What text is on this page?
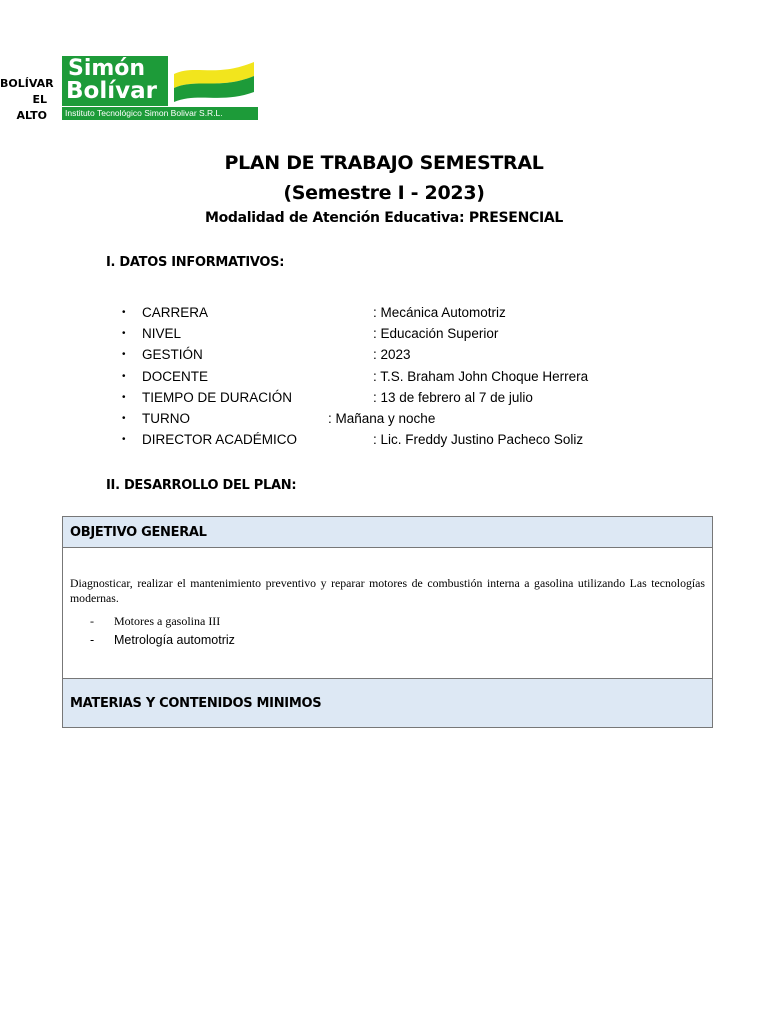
BOLÍVAR
EL ALTO
Simón
Bolívar
Instituto Tecnológico Simon Bolivar S.R.L.
PLAN DE TRABAJO SEMESTRAL
(Semestre I - 2023)
Modalidad de Atención Educativa: PRESENCIAL
I. DATOS INFORMATIVOS:
• CARRERA	: Mecánica Automotriz
• NIVEL	: Educación Superior
• GESTIÓN	: 2023
• DOCENTE	: T.S. Braham John Choque Herrera
• TIEMPO DE DURACIÓN	: 13 de febrero al 7 de julio
• TURNO	: Mañana y noche
• DIRECTOR ACADÉMICO	: Lic. Freddy Justino Pacheco Soliz
II. DESARROLLO DEL PLAN:
OBJETIVO GENERAL

Diagnosticar, realizar el mantenimiento preventivo y reparar motores de combustión interna a gasolina utilizando Las tecnologías modernas.
- Motores a gasolina III
- Metrología automotriz

MATERIAS Y CONTENIDOS MINIMOS
